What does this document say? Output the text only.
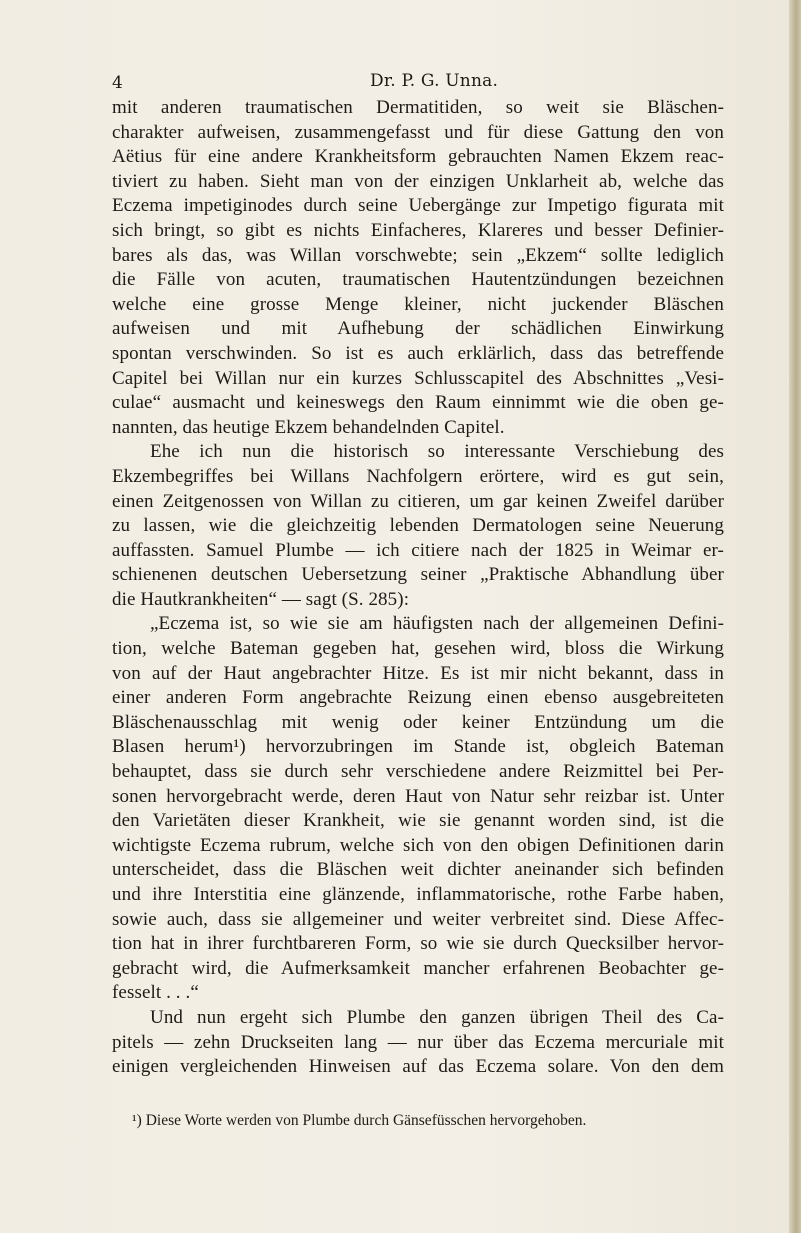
4	Dr. P. G. Unna.
mit anderen traumatischen Dermatitiden, so weit sie Bläschen-
charakter aufweisen, zusammengefasst und für diese Gattung den von
Aëtius für eine andere Krankheitsform gebrauchten Namen Ekzem reac-
tiviert zu haben. Sieht man von der einzigen Unklarheit ab, welche das
Eczema impetiginodes durch seine Uebergänge zur Impetigo figurata mit
sich bringt, so gibt es nichts Einfacheres, Klareres und besser Definier-
bares als das, was Willan vorschwebte; sein „Ekzem“ sollte lediglich
die Fälle von acuten, traumatischen Hautentzündungen bezeichnen
welche eine grosse Menge kleiner, nicht juckender Bläschen
aufweisen und mit Aufhebung der schädlichen Einwirkung
spontan verschwinden. So ist es auch erklärlich, dass das betreffende
Capitel bei Willan nur ein kurzes Schlusscapitel des Abschnittes „Vesi-
culae“ ausmacht und keineswegs den Raum einnimmt wie die oben ge-
nannten, das heutige Ekzem behandelnden Capitel.
Ehe ich nun die historisch so interessante Verschiebung des
Ekzembegriffes bei Willans Nachfolgern erörtere, wird es gut sein,
einen Zeitgenossen von Willan zu citieren, um gar keinen Zweifel darüber
zu lassen, wie die gleichzeitig lebenden Dermatologen seine Neuerung
auffassten. Samuel Plumbe — ich citiere nach der 1825 in Weimar er-
schienenen deutschen Uebersetzung seiner „Praktische Abhandlung über
die Hautkrankheiten“ — sagt (S. 285):
„Eczema ist, so wie sie am häufigsten nach der allgemeinen Defini-
tion, welche Bateman gegeben hat, gesehen wird, bloss die Wirkung
von auf der Haut angebrachter Hitze. Es ist mir nicht bekannt, dass in
einer anderen Form angebrachte Reizung einen ebenso ausgebreiteten
Bläschenausschlag mit wenig oder keiner Entzündung um die
Blasen herum¹) hervorzubringen im Stande ist, obgleich Bateman
behauptet, dass sie durch sehr verschiedene andere Reizmittel bei Per-
sonen hervorgebracht werde, deren Haut von Natur sehr reizbar ist. Unter
den Varietäten dieser Krankheit, wie sie genannt worden sind, ist die
wichtigste Eczema rubrum, welche sich von den obigen Definitionen darin
unterscheidet, dass die Bläschen weit dichter aneinander sich befinden
und ihre Interstitia eine glänzende, inflammatorische, rothe Farbe haben,
sowie auch, dass sie allgemeiner und weiter verbreitet sind. Diese Affec-
tion hat in ihrer furchtbareren Form, so wie sie durch Quecksilber hervor-
gebracht wird, die Aufmerksamkeit mancher erfahrenen Beobachter ge-
fesselt . . .“
Und nun ergeht sich Plumbe den ganzen übrigen Theil des Ca-
pitels — zehn Druckseiten lang — nur über das Eczema mercuriale mit
einigen vergleichenden Hinweisen auf das Eczema solare. Von den dem
¹) Diese Worte werden von Plumbe durch Gänsefüsschen hervorgehoben.
